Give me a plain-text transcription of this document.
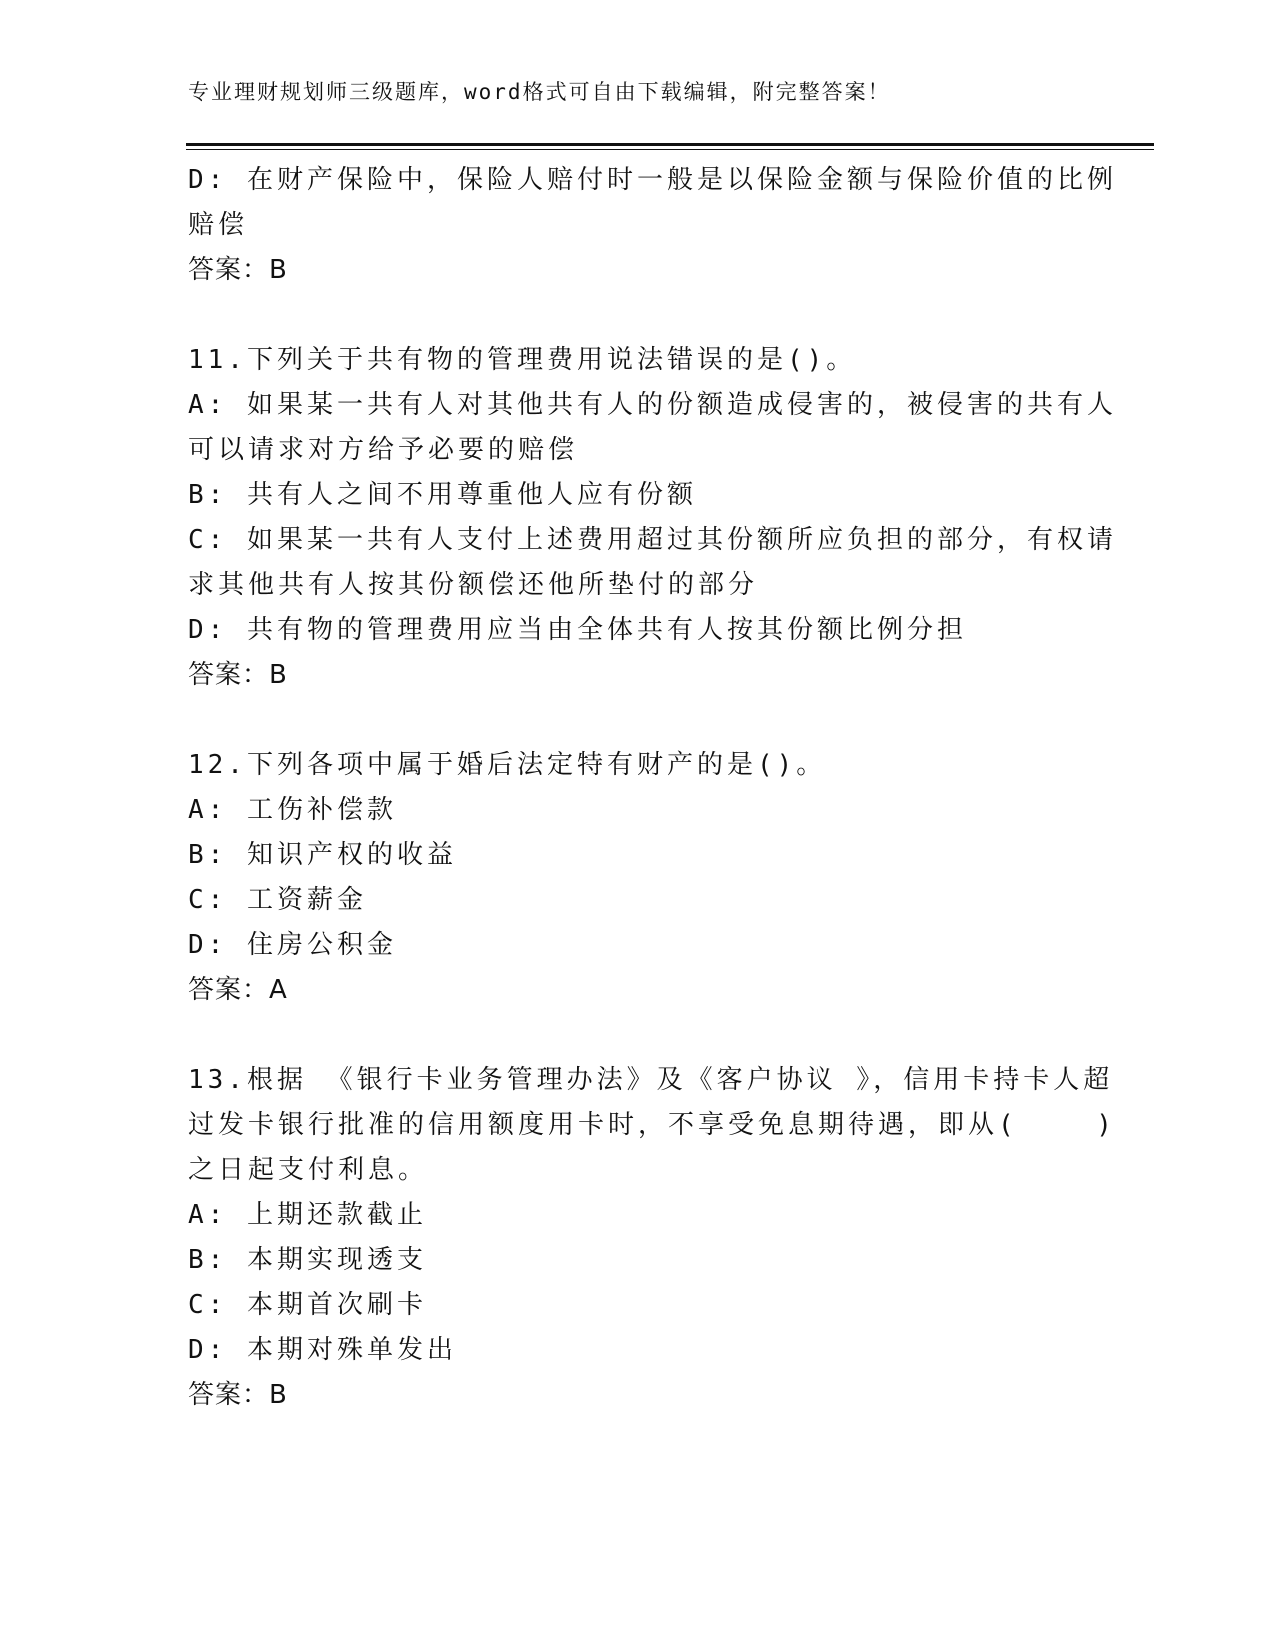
专业理财规划师三级题库，word格式可自由下载编辑，附完整答案！
D: 在财产保险中，保险人赔付时一般是以保险金额与保险价值的比例
赔偿
答案：B
11.下列关于共有物的管理费用说法错误的是()。
A: 如果某一共有人对其他共有人的份额造成侵害的，被侵害的共有人
可以请求对方给予必要的赔偿
B: 共有人之间不用尊重他人应有份额
C: 如果某一共有人支付上述费用超过其份额所应负担的部分，有权请
求其他共有人按其份额偿还他所垫付的部分
D: 共有物的管理费用应当由全体共有人按其份额比例分担
答案：B
12.下列各项中属于婚后法定特有财产的是()。
A: 工伤补偿款
B: 知识产权的收益
C: 工资薪金
D: 住房公积金
答案：A
13.根据 《银行卡业务管理办法》及《客户协议 》，信用卡持卡人超
过发卡银行批准的信用额度用卡时，不享受免息期待遇，即从(    )
之日起支付利息。
A: 上期还款截止
B: 本期实现透支
C: 本期首次刷卡
D: 本期对殊单发出
答案：B
